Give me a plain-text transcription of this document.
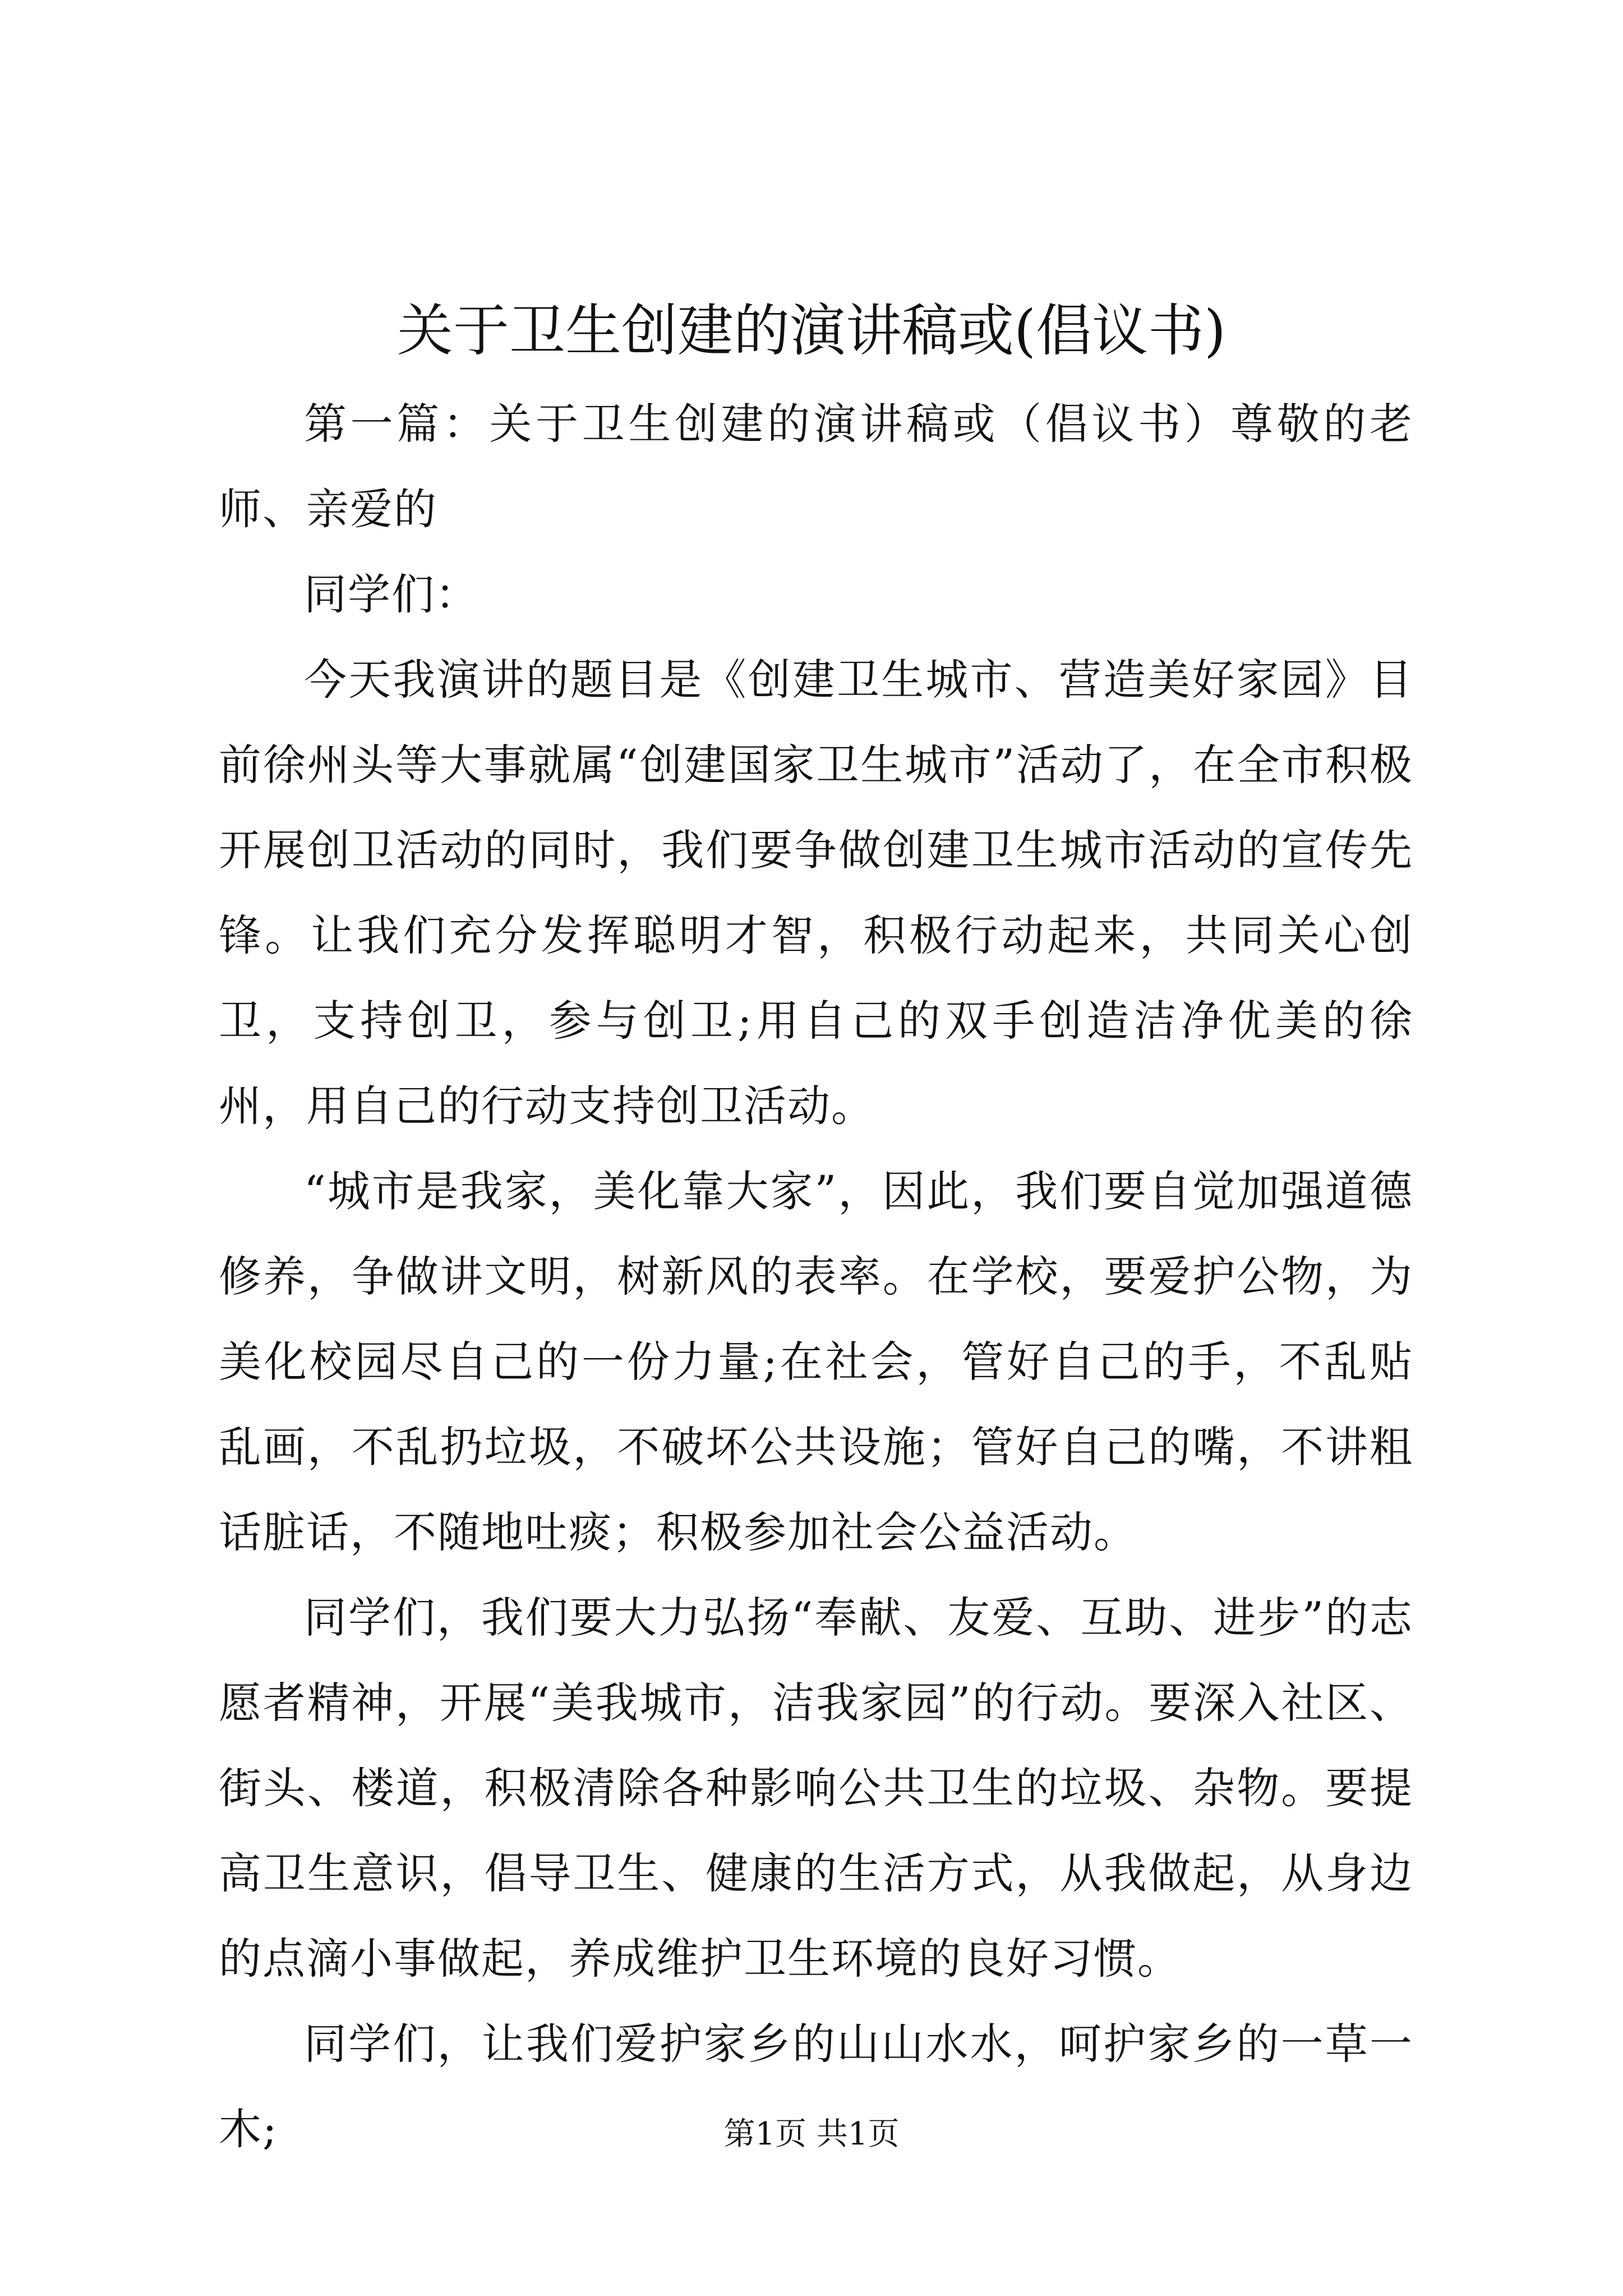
关于卫生创建的演讲稿或(倡议书)

第一篇：关于卫生创建的演讲稿或（倡议书）尊敬的老师、亲爱的

同学们：

今天我演讲的题目是《创建卫生城市、营造美好家园》目前徐州头等大事就属“创建国家卫生城市”活动了，在全市积极开展创卫活动的同时，我们要争做创建卫生城市活动的宣传先锋。让我们充分发挥聪明才智，积极行动起来，共同关心创卫，支持创卫，参与创卫;用自己的双手创造洁净优美的徐州，用自己的行动支持创卫活动。

“城市是我家，美化靠大家”，因此，我们要自觉加强道德修养，争做讲文明，树新风的表率。在学校，要爱护公物，为美化校园尽自己的一份力量;在社会，管好自己的手，不乱贴乱画，不乱扔垃圾，不破坏公共设施；管好自己的嘴，不讲粗话脏话，不随地吐痰；积极参加社会公益活动。

同学们，我们要大力弘扬“奉献、友爱、互助、进步”的志愿者精神，开展“美我城市，洁我家园”的行动。要深入社区、街头、楼道，积极清除各种影响公共卫生的垃圾、杂物。要提高卫生意识，倡导卫生、健康的生活方式，从我做起，从身边的点滴小事做起，养成维护卫生环境的良好习惯。

同学们，让我们爱护家乡的山山水水，呵护家乡的一草一木;	第1页 共1页
